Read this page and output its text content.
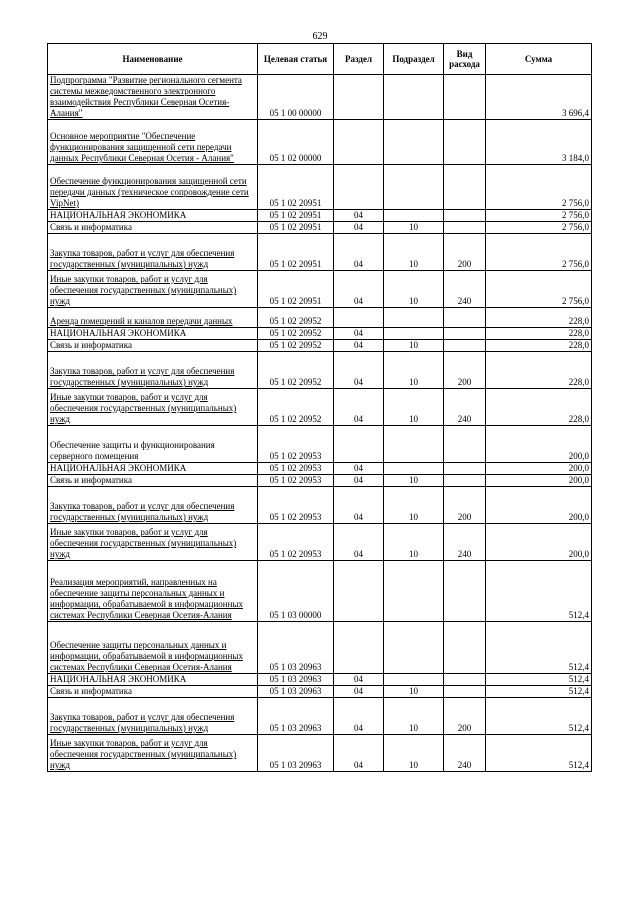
629
Наименование	Целевая статья	Раздел	Подраздел	Вид расхода	Сумма
Подпрограмма "Развитие регионального сегмента системы межведомственного электронного взаимодействия Республики Северная Осетия-Алания"	05 1 00 00000				3 696,4
Основное мероприятие "Обеспечение функционирования защищенной сети передачи данных Республики Северная Осетия - Алания"	05 1 02 00000				3 184,0
Обеспечение функционирования защищенной сети передачи данных (техническое сопровождение сети VipNet)	05 1 02 20951				2 756,0
НАЦИОНАЛЬНАЯ ЭКОНОМИКА	05 1 02 20951	04			2 756,0
Связь и информатика	05 1 02 20951	04	10		2 756,0
Закупка товаров, работ и услуг для обеспечения государственных (муниципальных) нужд	05 1 02 20951	04	10	200	2 756,0
Иные закупки товаров, работ и услуг для обеспечения государственных (муниципальных) нужд	05 1 02 20951	04	10	240	2 756,0
Аренда помещений и каналов передачи данных	05 1 02 20952				228,0
НАЦИОНАЛЬНАЯ ЭКОНОМИКА	05 1 02 20952	04			228,0
Связь и информатика	05 1 02 20952	04	10		228,0
Закупка товаров, работ и услуг для обеспечения государственных (муниципальных) нужд	05 1 02 20952	04	10	200	228,0
Иные закупки товаров, работ и услуг для обеспечения государственных (муниципальных) нужд	05 1 02 20952	04	10	240	228,0
Обеспечение защиты и функционирования серверного помещения	05 1 02 20953				200,0
НАЦИОНАЛЬНАЯ ЭКОНОМИКА	05 1 02 20953	04			200,0
Связь и информатика	05 1 02 20953	04	10		200,0
Закупка товаров, работ и услуг для обеспечения государственных (муниципальных) нужд	05 1 02 20953	04	10	200	200,0
Иные закупки товаров, работ и услуг для обеспечения государственных (муниципальных) нужд	05 1 02 20953	04	10	240	200,0
Реализация мероприятий, направленных на обеспечение защиты персональных данных и информации, обрабатываемой в информационных системах Республики Северная Осетия-Алания	05 1 03 00000				512,4
Обеспечение защиты персональных данных и информации, обрабатываемой в информационных системах Республики Северная Осетия-Алания	05 1 03 20963				512,4
НАЦИОНАЛЬНАЯ ЭКОНОМИКА	05 1 03 20963	04			512,4
Связь и информатика	05 1 03 20963	04	10		512,4
Закупка товаров, работ и услуг для обеспечения государственных (муниципальных) нужд	05 1 03 20963	04	10	200	512,4
Иные закупки товаров, работ и услуг для обеспечения государственных (муниципальных) нужд	05 1 03 20963	04	10	240	512,4
